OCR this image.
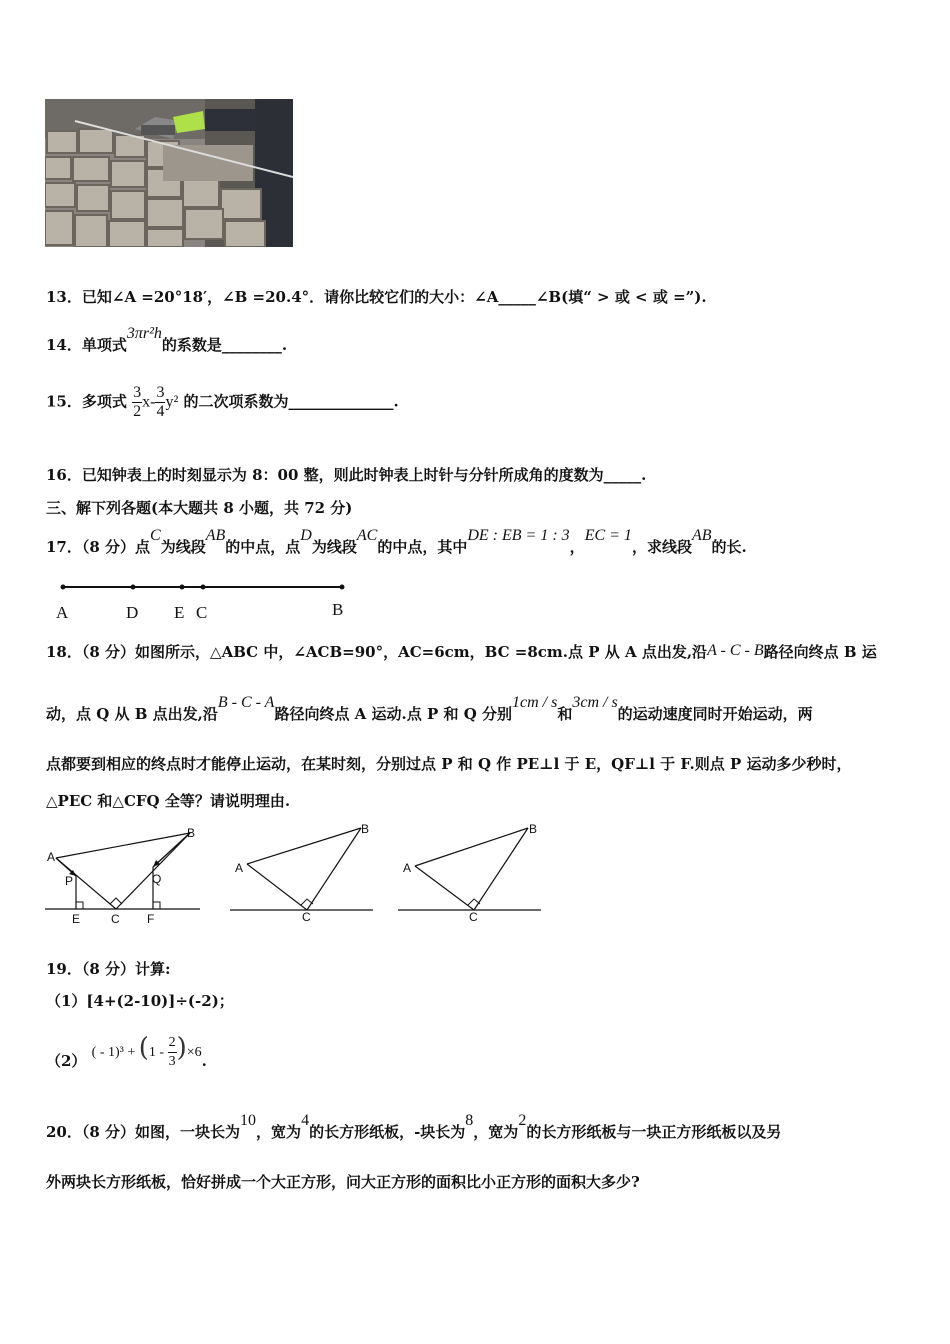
13．已知∠A =20°18′，∠B =20.4°．请你比较它们的大小：∠A_____∠B(填“ > 或 < 或 =”).
14．单项式3πr²h的系数是________.
15．多项式 $\frac{3}{2} x- \frac{3}{4} y^2$ 的二次项系数为______________.
16．已知钟表上的时刻显示为 8：00 整，则此时钟表上时针与分针所成角的度数为_____.
三、解下列各题(本大题共 8 小题，共 72 分)
17．（8 分）点C为线段AB的中点，点D为线段AC的中点，其中DE : EB = 1 : 3，EC = 1，求线段AB的长.
A	D E C	B
18．（8 分）如图所示，△ABC 中，∠ACB=90°，AC=6cm，BC =8cm.点 P 从 A 点出发,沿A - C - B路径向终点 B 运
动，点 Q 从 B 点出发,沿B - C - A路径向终点 A 运动.点 P 和 Q 分别1cm / s和3cm / s的运动速度同时开始运动，两
点都要到相应的终点时才能停止运动，在某时刻，分别过点 P 和 Q 作 PE⊥l 于 E，QF⊥l 于 F.则点 P 运动多少秒时，
△PEC 和△CFQ 全等？请说明理由.
A
B
P	Q
E	C F
A
B
C
A
B
C
19．（8 分）计算:
（1）[4+(2-10)]÷(-2)；
（2） ( - $1)^3 + (1 - \frac{2}{3} )\times 6$.
20．（8 分）如图，一块长为10，宽为4的长方形纸板，-块长为8，宽为2的长方形纸板与一块正方形纸板以及另
外两块长方形纸板，恰好拼成一个大正方形，问大正方形的面积比小正方形的面积大多少?
